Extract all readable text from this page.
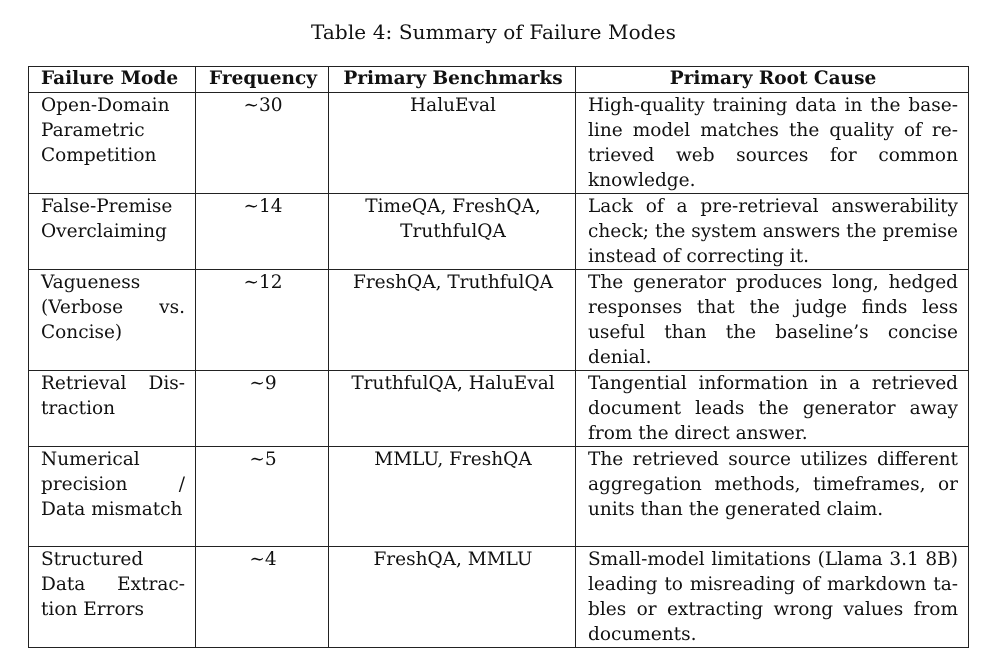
Table 4: Summary of Failure Modes
Failure Mode	Frequency	Primary Benchmarks	Primary Root Cause
Open-Domain Parametric Competition	∼30	HaluEval	High-quality training data in the baseline model matches the quality of retrieved web sources for common knowledge.
False-Premise Overclaiming	∼14	TimeQA, FreshQA, TruthfulQA	Lack of a pre-retrieval answerability check; the system answers the premise instead of correcting it.
Vagueness (Verbose vs. Concise)	∼12	FreshQA, TruthfulQA	The generator produces long, hedged responses that the judge finds less useful than the baseline’s concise denial.
Retrieval Distraction	∼9	TruthfulQA, HaluEval	Tangential information in a retrieved document leads the generator away from the direct answer.
Numerical precision / Data mismatch	∼5	MMLU, FreshQA	The retrieved source utilizes different aggregation methods, timeframes, or units than the generated claim.
Structured Data Extraction Errors	∼4	FreshQA, MMLU	Small-model limitations (Llama 3.1 8B) leading to misreading of markdown tables or extracting wrong values from documents.
